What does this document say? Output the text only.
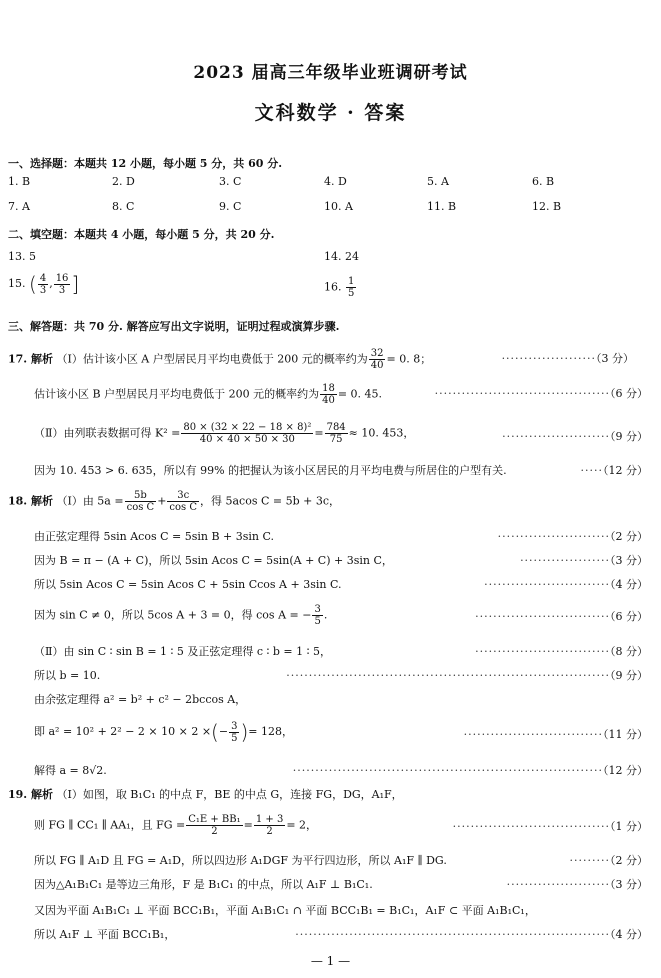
2023 届高三年级毕业班调研考试
文科数学 · 答案
一、选择题：本题共 12 小题，每小题 5 分，共 60 分.
1. B	2. D	3. C	4. D	5. A	6. B
7. A	8. C	9. C	10. A	11. B	12. B
二、填空题：本题共 4 小题，每小题 5 分，共 20 分.
13. 5	14. 24
15. ( $\frac{4}{3}$ , $\frac{16}{3}$ ]	16. $\frac{1}{5}$
三、解答题：共 70 分. 解答应写出文字说明，证明过程或演算步骤.
17. 解析 （Ⅰ）估计该小区 A 户型居民月平均电费低于 200 元的概率约为 $\frac{32}{40} = 0$. 8；	·····················（3 分）
估计该小区 B 户型居民月平均电费低于 200 元的概率约为 $\frac{18}{40} = 0$. 45.	·······································（6 分）
（Ⅱ）由列联表数据可得 $K^2 = \frac{\text{80 × (32 × 22 − 18 × 8)²}}{40 \times 40 \times 50 \times 30} = \frac{784}{75} \approx 10$. 453，	························（9 分）
因为 10. 453 > 6. 635，所以有 99% 的把握认为该小区居民的月平均电费与所居住的户型有关.	·····（12 分）
18. 解析 （Ⅰ）由 $5a = \frac{5b}{\text{cos C}} + \frac{3c}{\text{cos C}}$ ，得 5acos C = 5b + 3c，
由正弦定理得 5sin Acos C = 5sin B + 3sin C.	·························（2 分）
因为 B = π − (A + C)，所以 5sin Acos C = 5sin(A + C) + 3sin C，	····················（3 分）
所以 5sin Acos C = 5sin Acos C + 5sin Ccos A + 3sin C.	····························（4 分）
因为 sin C ≠ 0，所以 5cos A + 3 = 0，得 cos A = − $\frac{3}{5}$ .	······························（6 分）
（Ⅱ）由 sin C ∶ sin B = 1 ∶ 5 及正弦定理得 c ∶ b = 1 ∶ 5，	······························（8 分）
所以 b = 10.	········································································（9 分）
由余弦定理得 a² = b² + c² − 2bccos A，
即 a² = 10² + 2² − 2 × 10 × 2 ×(− $\frac{3}{5}$ )= 128，	·······························（11 分）
解得 a = 8√2.	·····································································（12 分）
19. 解析 （Ⅰ）如图，取 B₁C₁ 的中点 F，BE 的中点 G，连接 FG，DG，A₁F，
则 FG ∥ CC₁ ∥ AA₁，且 FG = $\frac{\text{C₁E + BB₁}}{2} = \frac{1 + 3}{2} = 2$，	···································（1 分）
所以 FG ∥ A₁D 且 FG = A₁D，所以四边形 A₁DGF 为平行四边形，所以 A₁F ∥ DG.	·········（2 分）
因为△A₁B₁C₁ 是等边三角形，F 是 B₁C₁ 的中点，所以 A₁F ⊥ B₁C₁.	·······················（3 分）
又因为平面 A₁B₁C₁ ⊥ 平面 BCC₁B₁，平面 A₁B₁C₁ ∩ 平面 BCC₁B₁ = B₁C₁，A₁F ⊂ 平面 A₁B₁C₁，
所以 A₁F ⊥ 平面 BCC₁B₁，	······································································（4 分）
— 1 —
